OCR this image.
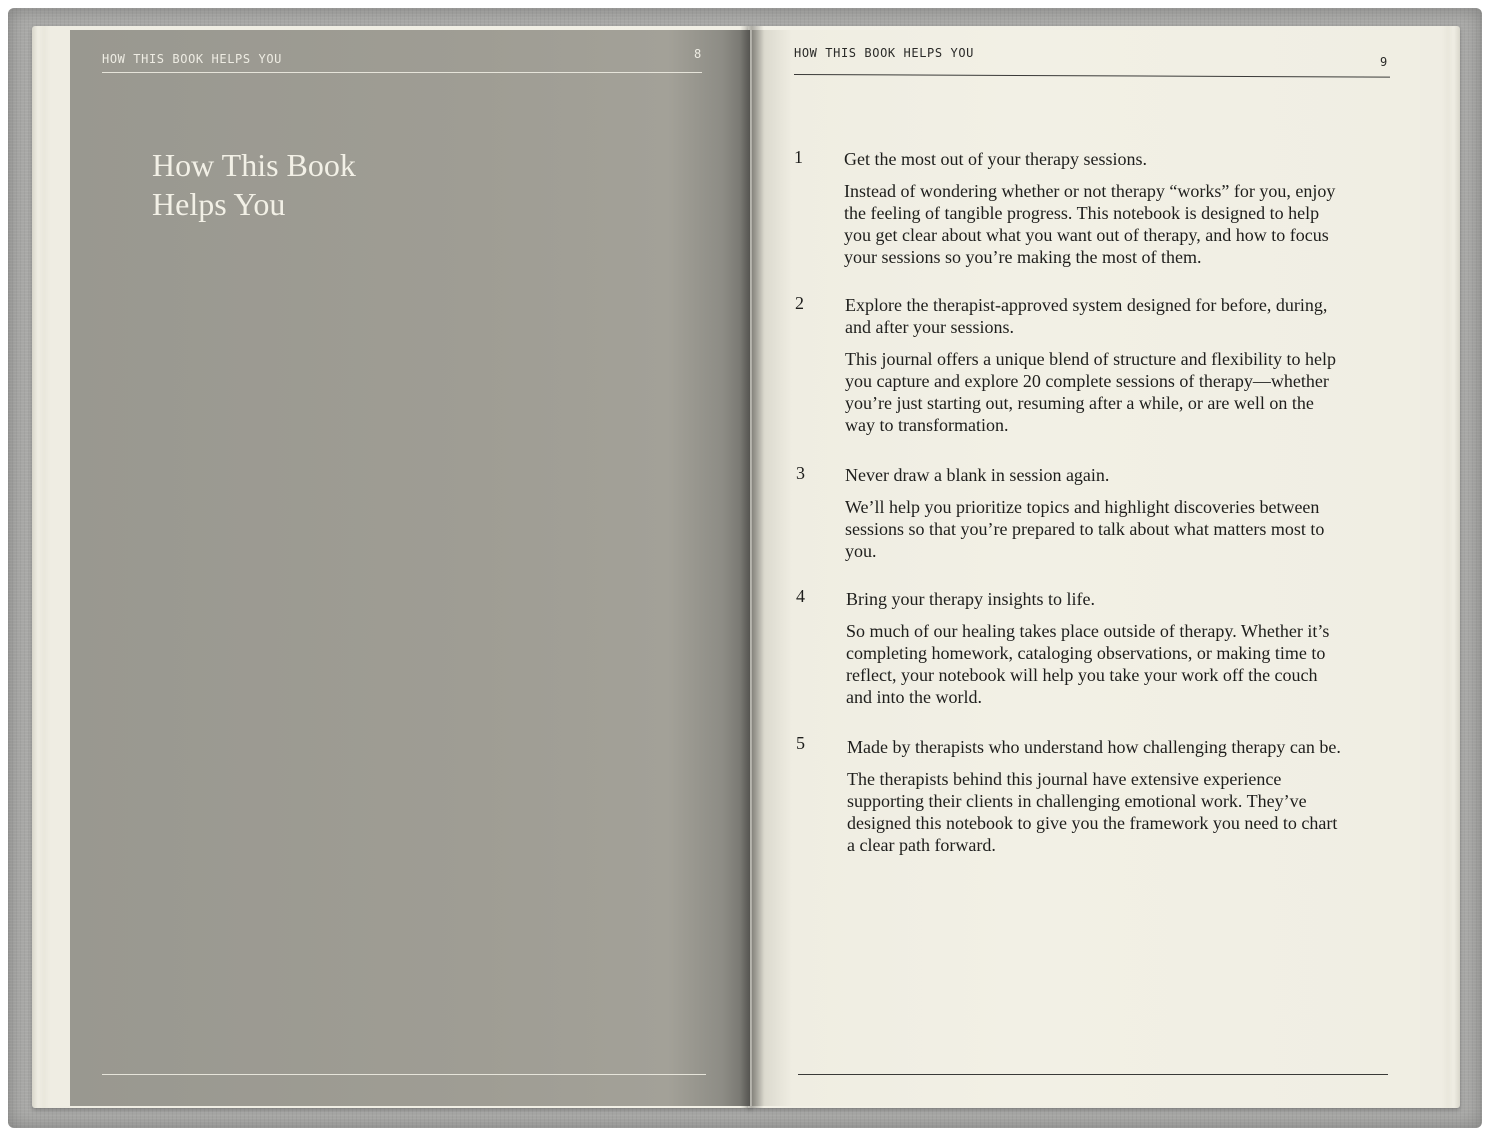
HOW THIS BOOK HELPS YOU	8
How This Book
Helps You
HOW THIS BOOK HELPS YOU
9
1 Get the most out of your therapy sessions.

Instead of wondering whether or not therapy “works” for you, enjoy the feeling of tangible progress. This notebook is designed to help you get clear about what you want out of therapy, and how to focus your sessions so you’re making the most of them.

2 Explore the therapist-approved system designed for before, during, and after your sessions.

This journal offers a unique blend of structure and flexibility to help you capture and explore 20 complete sessions of therapy—whether you’re just starting out, resuming after a while, or are well on the way to transformation.

3 Never draw a blank in session again.

We’ll help you prioritize topics and highlight discoveries between sessions so that you’re prepared to talk about what matters most to you.

4 Bring your therapy insights to life.

So much of our healing takes place outside of therapy. Whether it’s completing homework, cataloging observations, or making time to reflect, your notebook will help you take your work off the couch and into the world.

5 Made by therapists who understand how challenging therapy can be.

The therapists behind this journal have extensive experience supporting their clients in challenging emotional work. They’ve designed this notebook to give you the framework you need to chart a clear path forward.
